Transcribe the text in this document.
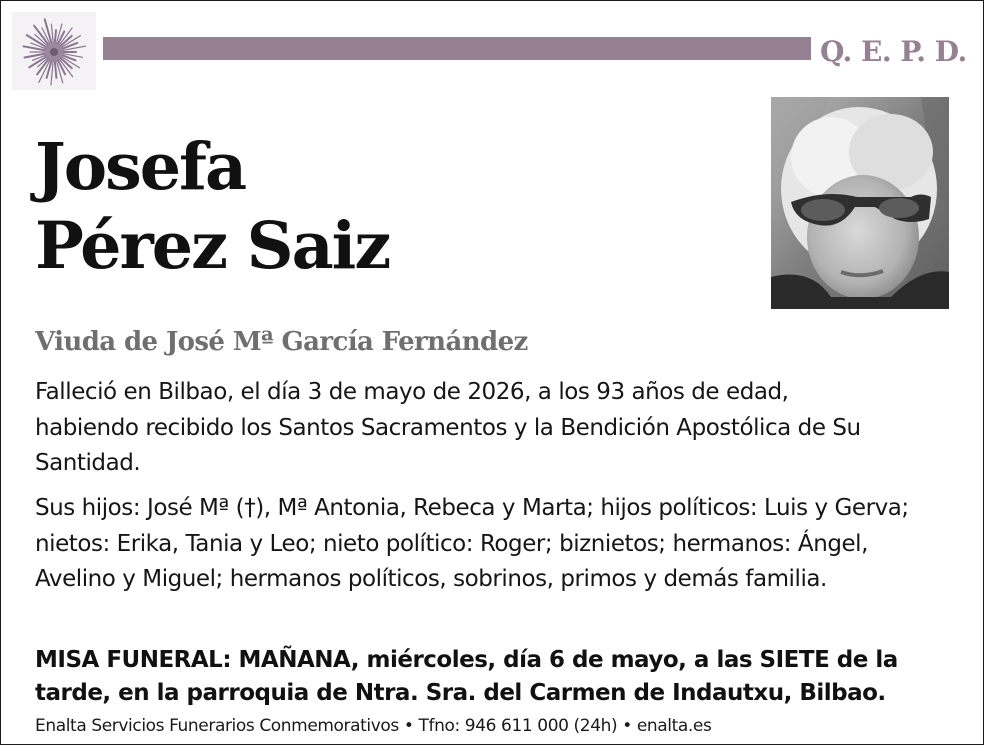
Q. E. P. D.
Josefa
Pérez Saiz
Viuda de José Mª García Fernández
Falleció en Bilbao, el día 3 de mayo de 2026, a los 93 años de edad, habiendo recibido los Santos Sacramentos y la Bendición Apostólica de Su Santidad.
Sus hijos: José Mª (†), Mª Antonia, Rebeca y Marta; hijos políticos: Luis y Gerva; nietos: Erika, Tania y Leo; nieto político: Roger; biznietos; hermanos: Ángel, Avelino y Miguel; hermanos políticos, sobrinos, primos y demás familia.
MISA FUNERAL: MAÑANA, miércoles, día 6 de mayo, a las SIETE de la tarde, en la parroquia de Ntra. Sra. del Carmen de Indautxu, Bilbao.
Enalta Servicios Funerarios Conmemorativos • Tfno: 946 611 000 (24h) • enalta.es
